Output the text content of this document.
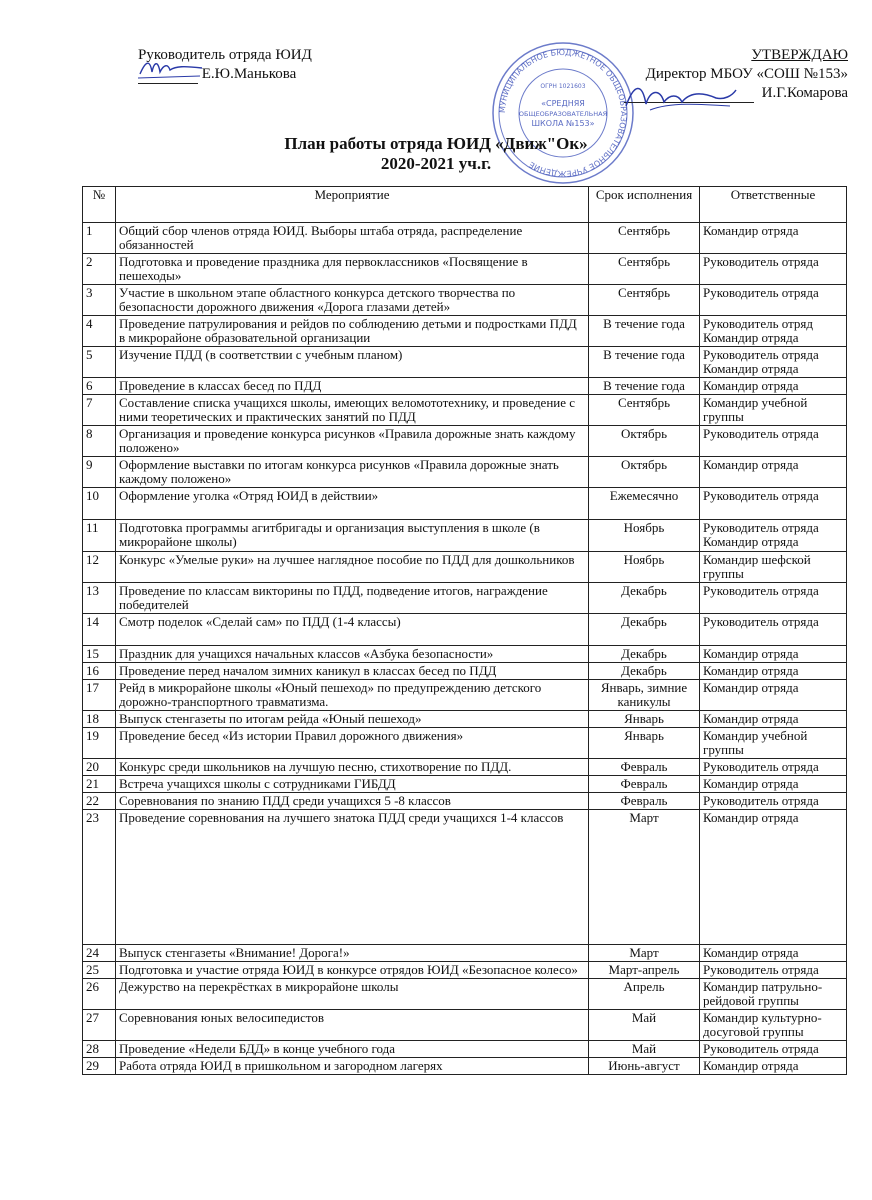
Руководитель отряда ЮИД
Е.Ю.Манькова
МУНИЦИПАЛЬНОЕ БЮДЖЕТНОЕ ОБЩЕОБРАЗОВАТЕЛЬНОЕ УЧРЕЖДЕНИЕ
«СРЕДНЯЯ
ОБЩЕОБРАЗОВАТЕЛЬНАЯ
ШКОЛА №153»
ОГРН 1021603
УТВЕРЖДАЮ
Директор МБОУ «СОШ №153»
И.Г.Комарова
План работы отряда ЮИД «Движ"Ок»
2020-2021 уч.г.
№	Мероприятие	Срок исполнения	Ответственные
1	Общий сбор членов отряда ЮИД. Выборы штаба отряда, распределение обязанностей	Сентябрь	Командир отряда
2	Подготовка и проведение праздника для первоклассников «Посвящение в пешеходы»	Сентябрь	Руководитель отряда
3	Участие в школьном этапе областного конкурса детского творчества по безопасности дорожного движения «Дорога глазами детей»	Сентябрь	Руководитель отряда
4	Проведение патрулирования и рейдов по соблюдению детьми и подростками ПДД в микрорайоне образовательной организации	В течение года	Руководитель отряд Командир отряда
5	Изучение ПДД (в соответствии с учебным планом)	В течение года	Руководитель отряда Командир отряда
6	Проведение в классах бесед по ПДД	В течение года	Командир отряда
7	Составление списка учащихся школы, имеющих веломототехнику, и проведение с ними теоретических и практических занятий по ПДД	Сентябрь	Командир учебной группы
8	Организация и проведение конкурса рисунков «Правила дорожные знать каждому положено»	Октябрь	Руководитель отряда
9	Оформление выставки по итогам конкурса рисунков «Правила дорожные знать каждому положено»	Октябрь	Командир отряда
10	Оформление уголка «Отряд ЮИД в действии»	Ежемесячно	Руководитель отряда
11	Подготовка программы агитбригады и организация выступления в школе (в микрорайоне школы)	Ноябрь	Руководитель отряда Командир отряда
12	Конкурс «Умелые руки» на лучшее наглядное пособие по ПДД для дошкольников	Ноябрь	Командир шефской группы
13	Проведение по классам викторины по ПДД, подведение итогов, награждение победителей	Декабрь	Руководитель отряда
14	Смотр поделок «Сделай сам» по ПДД (1-4 классы)	Декабрь	Руководитель отряда
15	Праздник для учащихся начальных классов «Азбука безопасности»	Декабрь	Командир отряда
16	Проведение перед началом зимних каникул в классах бесед по ПДД	Декабрь	Командир отряда
17	Рейд в микрорайоне школы «Юный пешеход» по предупреждению детского дорожно-транспортного травматизма.	Январь, зимние каникулы	Командир отряда
18	Выпуск стенгазеты по итогам рейда «Юный пешеход»	Январь	Командир отряда
19	Проведение бесед «Из истории Правил дорожного движения»	Январь	Командир учебной группы
20	Конкурс среди школьников на лучшую песню, стихотворение по ПДД.	Февраль	Руководитель отряда
21	Встреча учащихся школы с сотрудниками ГИБДД	Февраль	Командир отряда
22	Соревнования по знанию ПДД среди учащихся 5 -8 классов	Февраль	Руководитель отряда
23	Проведение соревнования на лучшего знатока ПДД среди учащихся 1-4 классов	Март	Командир отряда
24	Выпуск стенгазеты «Внимание! Дорога!»	Март	Командир отряда
25	Подготовка и участие отряда ЮИД в конкурсе отрядов ЮИД «Безопасное колесо»	Март-апрель	Руководитель отряда
26	Дежурство на перекрёстках в микрорайоне школы	Апрель	Командир патрульно-рейдовой группы
27	Соревнования юных велосипедистов	Май	Командир культурно-досуговой группы
28	Проведение «Недели БДД» в конце учебного года	Май	Руководитель отряда
29	Работа отряда ЮИД в пришкольном и загородном лагерях	Июнь-август	Командир отряда
